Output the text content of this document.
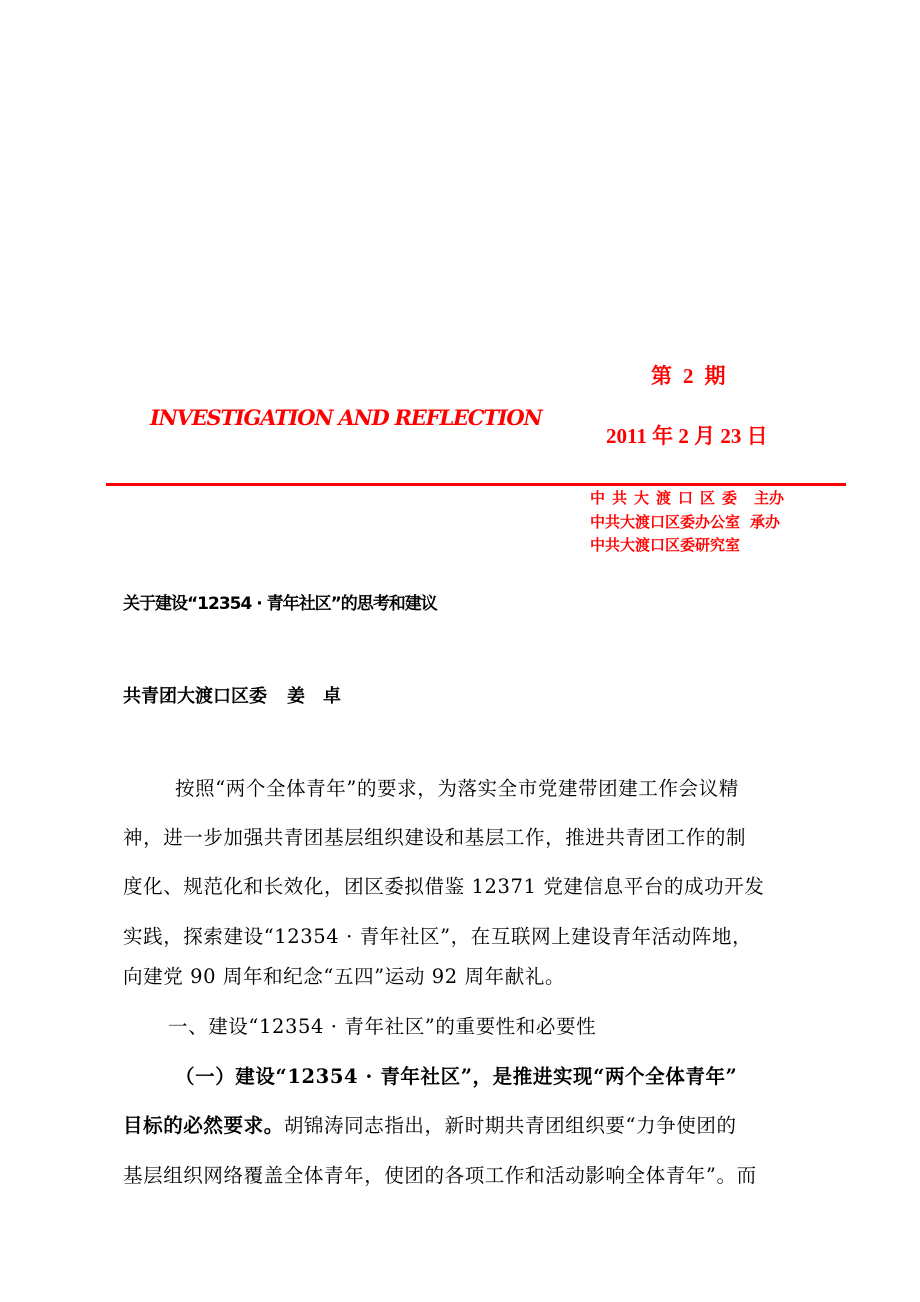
第 2 期
INVESTIGATION AND REFLECTION
2011 年 2 月 23 日
中共大渡口区委 主办
中共大渡口区委办公室 承办
中共大渡口区委研究室
关于建设“12354 · 青年社区”的思考和建议
共青团大渡口区委 姜　卓
按照“两个全体青年”的要求，为落实全市党建带团建工作会议精
神，进一步加强共青团基层组织建设和基层工作，推进共青团工作的制
度化、规范化和长效化，团区委拟借鉴 12371 党建信息平台的成功开发
实践，探索建设“12354 · 青年社区”，在互联网上建设青年活动阵地，
向建党 90 周年和纪念“五四”运动 92 周年献礼。
一、建设“12354 · 青年社区”的重要性和必要性
（一）建设“12354 · 青年社区”，是推进实现“两个全体青年”
目标的必然要求。胡锦涛同志指出，新时期共青团组织要“力争使团的
基层组织网络覆盖全体青年，使团的各项工作和活动影响全体青年”。而
